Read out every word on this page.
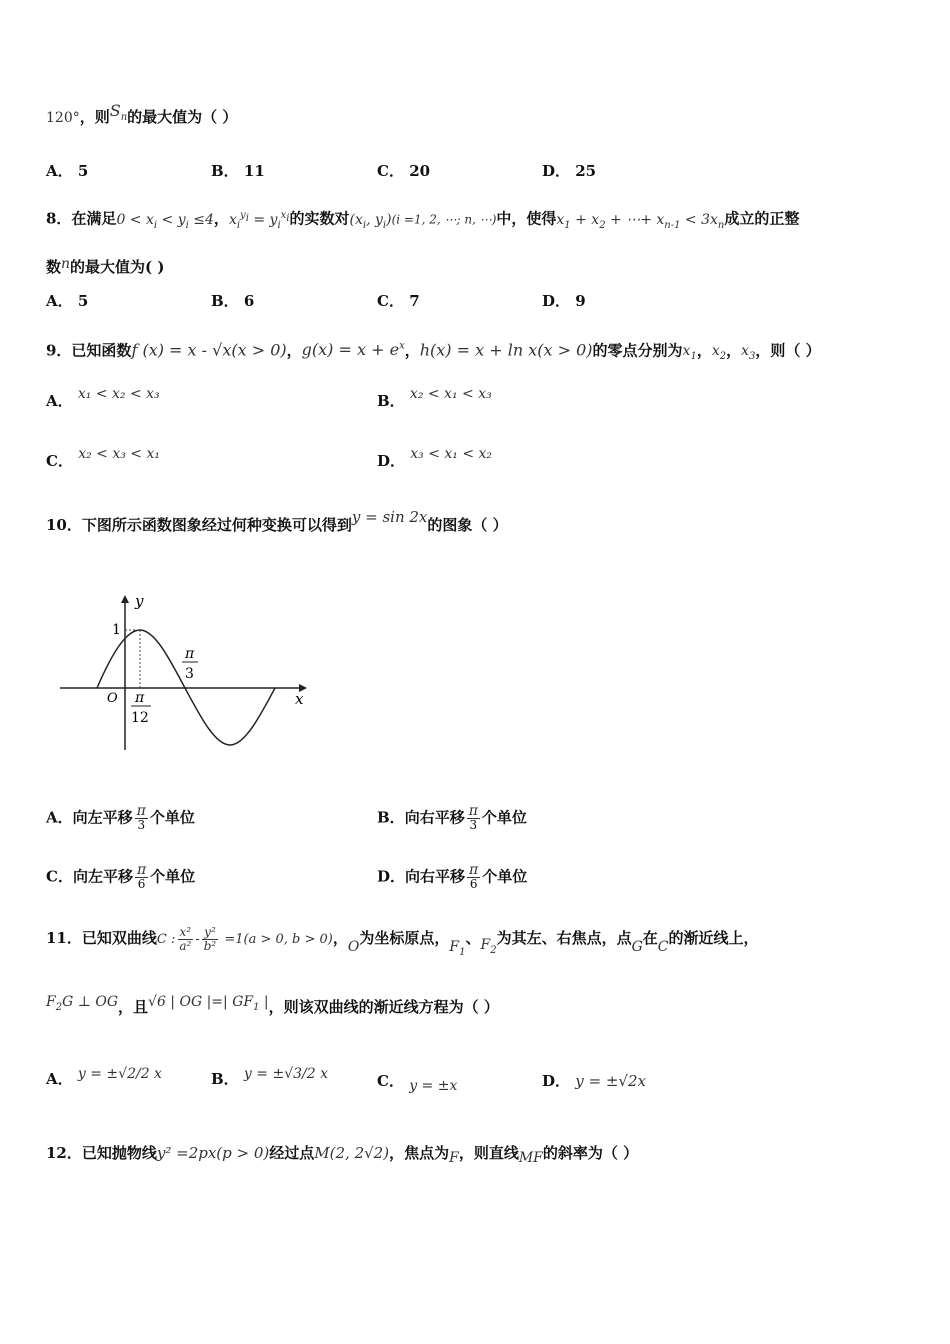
120°，则$S_n$的最大值为（ ）
A． 5	B． 11	C． 20	D． 25
8．在满足$0 < x_i < y_i \le 4$，$x_i^{y_i} = y_i^{x_i}$的实数对($x_i$, $y_i)(i =1$, 2, ⋯; n, ⋯)中，使得$x_1 + x_2$ + ⋯+ $x_{n-1} < 3x_n$成立的正整
数n的最大值为( )
A． 5	B． 6	C． 7	D． 9
9．已知函数f (x) = x - √x(x > 0)，$g(x) = x + e^x$，h(x) = x + ln x(x > 0)的零点分别为$x_1$，$x_2$，$x_3$，则（ ）
A． x₁ < x₂ < x₃	B． x₂ < x₁ < x₃
C． x₂ < x₃ < x₁	D． x₃ < x₁ < x₂
10．下图所示函数图象经过何种变换可以得到y = sin 2x的图象（ ）
y
x
O
1
π
12
π
3
A．向左平移 $\frac{\pi}{3}$ 个单位	B．向右平移 $\frac{\pi}{3}$ 个单位
C．向左平移 $\frac{\pi}{6}$ 个单位	D．向右平移 $\frac{\pi}{6}$ 个单位
11．已知双曲线C : $\frac{\text{x²}}{\text{a²}} - \frac{\text{y²}}{\text{b²}} =1(a > 0$, b > 0)，O为坐标原点，$F_1$、$F_2$为其左、右焦点，点G在C的渐近线上，
$F_2G$ ⊥ OG，且√6 | OG |=| $GF_1$ |，则该双曲线的渐近线方程为（ ）
A． y = ±√2/2 x	B． y = ±√3/2 x	C． y = ±x	D． y = ±√2x
12．已知抛物线y² =2px(p > 0)经过点M(2, 2√2)，焦点为F，则直线MF的斜率为（ ）
